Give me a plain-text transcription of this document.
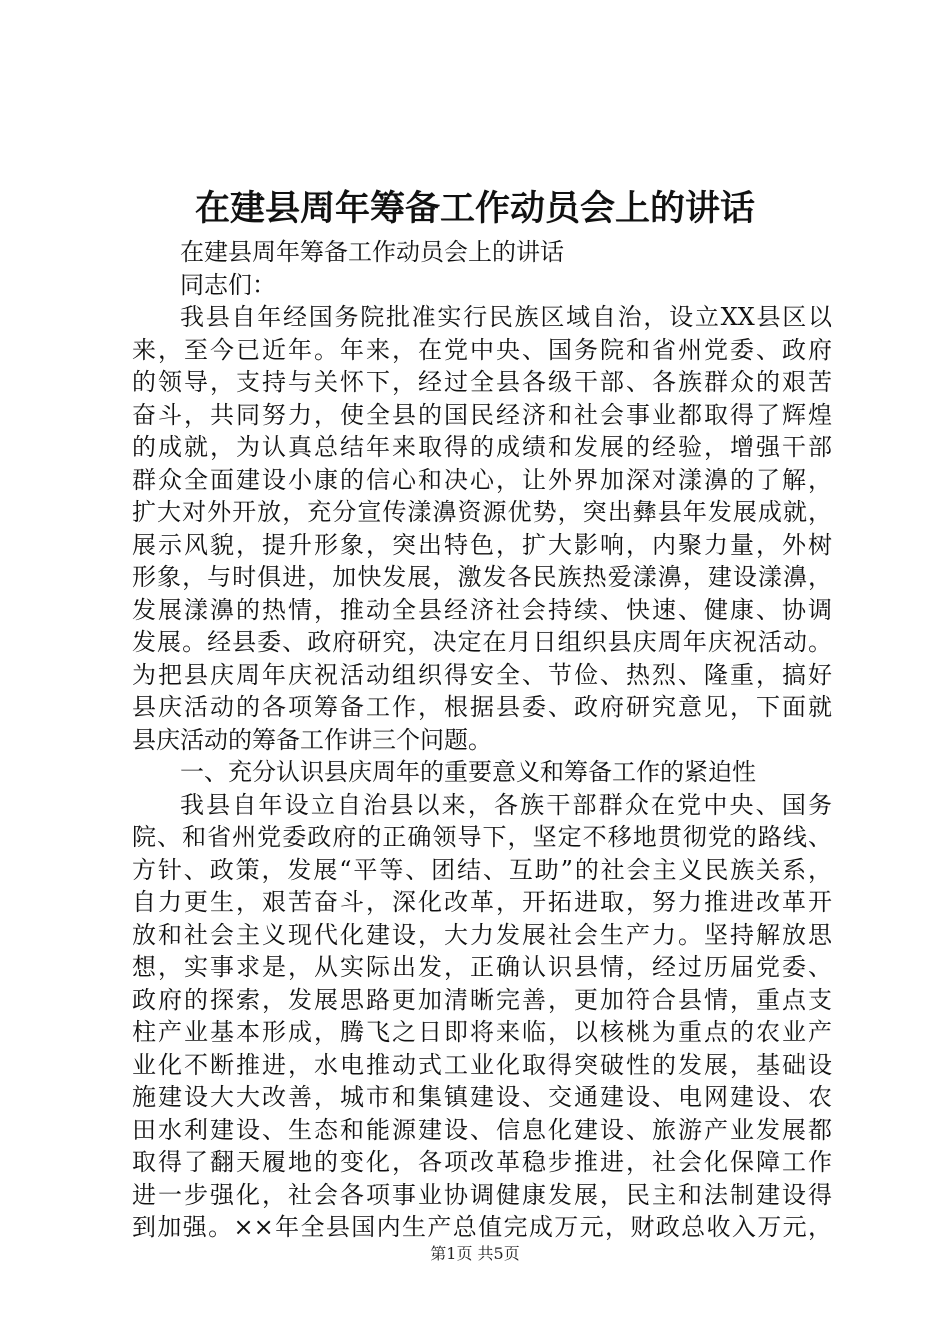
在建县周年筹备工作动员会上的讲话
在建县周年筹备工作动员会上的讲话
同志们：
我县自年经国务院批准实行民族区域自治，设立XX县区以
来，至今已近年。年来，在党中央、国务院和省州党委、政府
的领导，支持与关怀下，经过全县各级干部、各族群众的艰苦
奋斗，共同努力，使全县的国民经济和社会事业都取得了辉煌
的成就，为认真总结年来取得的成绩和发展的经验，增强干部
群众全面建设小康的信心和决心，让外界加深对漾濞的了解，
扩大对外开放，充分宣传漾濞资源优势，突出彝县年发展成就，
展示风貌，提升形象，突出特色，扩大影响，内聚力量，外树
形象，与时俱进，加快发展，激发各民族热爱漾濞，建设漾濞，
发展漾濞的热情，推动全县经济社会持续、快速、健康、协调
发展。经县委、政府研究，决定在月日组织县庆周年庆祝活动。
为把县庆周年庆祝活动组织得安全、节俭、热烈、隆重，搞好
县庆活动的各项筹备工作，根据县委、政府研究意见，下面就
县庆活动的筹备工作讲三个问题。
一、充分认识县庆周年的重要意义和筹备工作的紧迫性
我县自年设立自治县以来，各族干部群众在党中央、国务
院、和省州党委政府的正确领导下，坚定不移地贯彻党的路线、
方针、政策，发展“平等、团结、互助”的社会主义民族关系，
自力更生，艰苦奋斗，深化改革，开拓进取，努力推进改革开
放和社会主义现代化建设，大力发展社会生产力。坚持解放思
想，实事求是，从实际出发，正确认识县情，经过历届党委、
政府的探索，发展思路更加清晰完善，更加符合县情，重点支
柱产业基本形成，腾飞之日即将来临，以核桃为重点的农业产
业化不断推进，水电推动式工业化取得突破性的发展，基础设
施建设大大改善，城市和集镇建设、交通建设、电网建设、农
田水利建设、生态和能源建设、信息化建设、旅游产业发展都
取得了翻天履地的变化，各项改革稳步推进，社会化保障工作
进一步强化，社会各项事业协调健康发展，民主和法制建设得
到加强。××年全县国内生产总值完成万元，财政总收入万元，
第1页 共5页
